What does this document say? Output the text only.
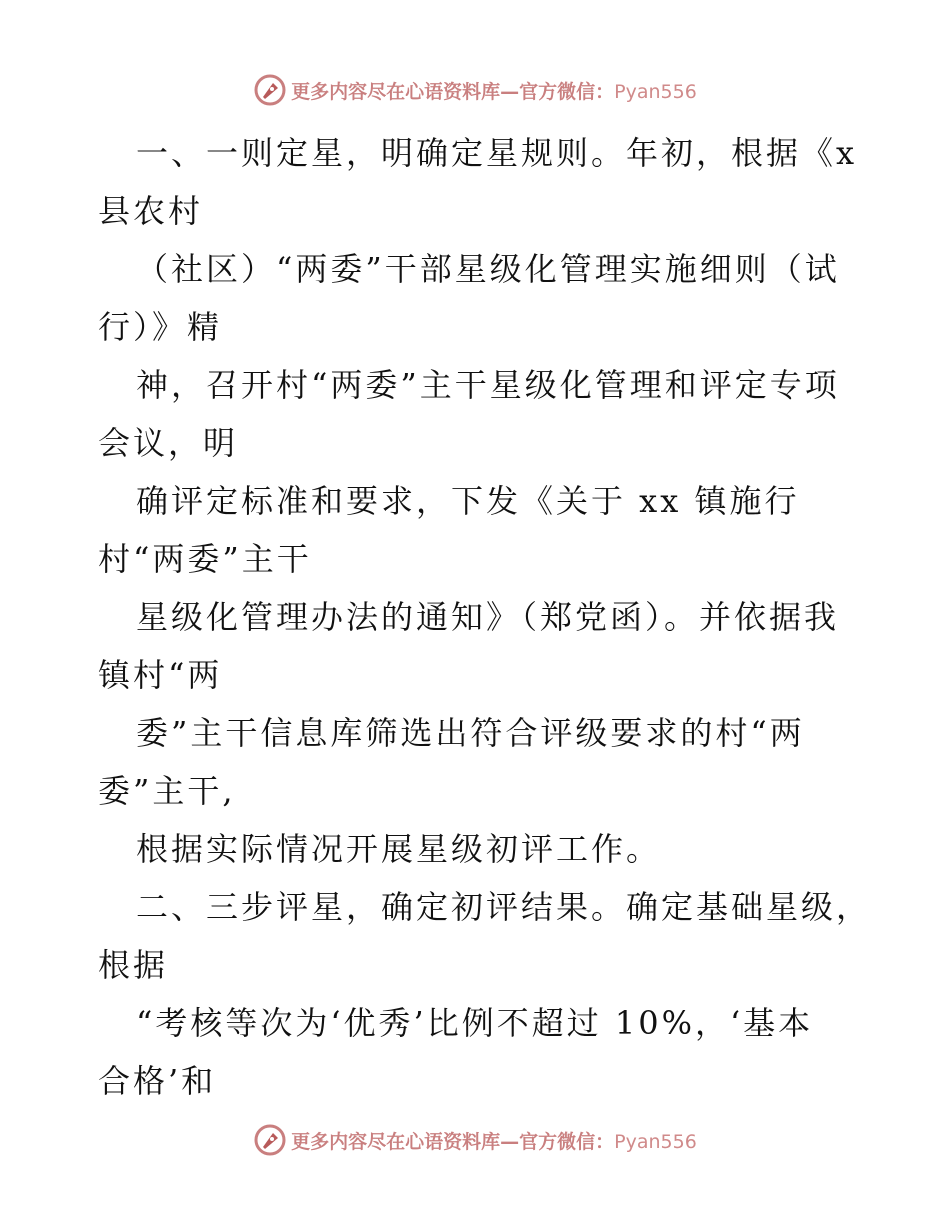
更多内容尽在心语资料库—官方微信：Pyan556
一、一则定星，明确定星规则。年初，根据《x
县农村
（社区）“两委”干部星级化管理实施细则（试
行）》精
神，召开村“两委”主干星级化管理和评定专项
会议，明
确评定标准和要求，下发《关于 xx 镇施行
村“两委”主干
星级化管理办法的通知》（郑党函）。并依据我
镇村“两
委”主干信息库筛选出符合评级要求的村“两
委”主干,
根据实际情况开展星级初评工作。
二、三步评星，确定初评结果。确定基础星级，
根据
“考核等次为‘优秀’比例不超过 10%，‘基本
合格’和
更多内容尽在心语资料库—官方微信：Pyan556
